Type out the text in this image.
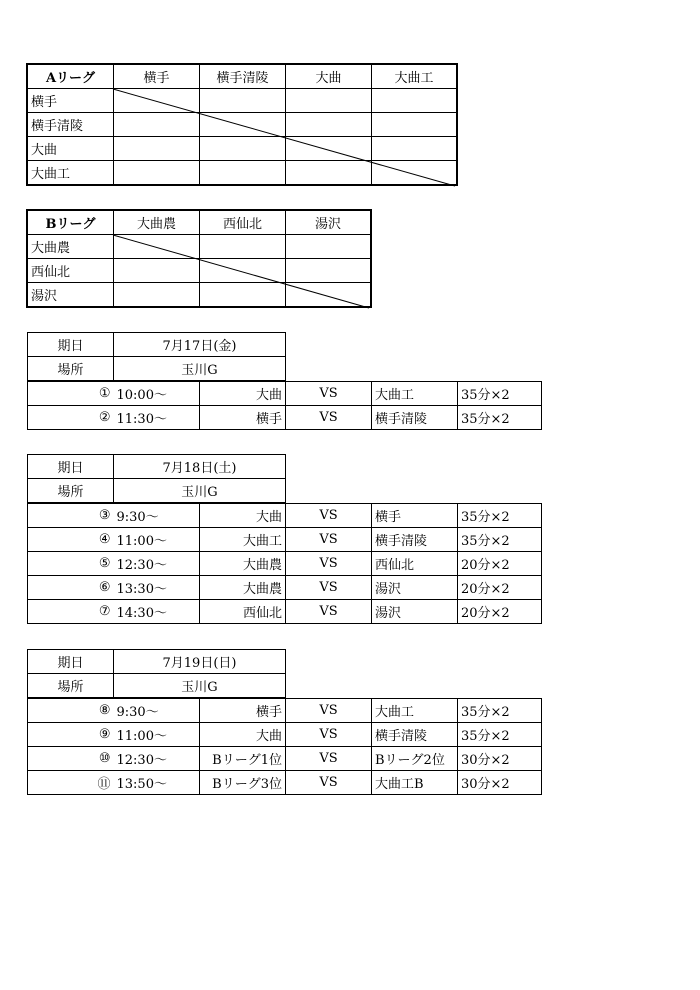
Aリーグ	横手	横手清陵	大曲	大曲工
横手				
横手清陵				
大曲				
大曲工				
Bリーグ	大曲農	西仙北	湯沢
大曲農			
西仙北			
湯沢			
期日	7月17日(金)
場所	玉川G
①	10:00～	大曲	VS	大曲工	35分×2
②	11:30～	横手	VS	横手清陵	35分×2
期日	7月18日(土)
場所	玉川G
③	9:30～	大曲	VS	横手	35分×2
④	11:00～	大曲工	VS	横手清陵	35分×2
⑤	12:30～	大曲農	VS	西仙北	20分×2
⑥	13:30～	大曲農	VS	湯沢	20分×2
⑦	14:30～	西仙北	VS	湯沢	20分×2
期日	7月19日(日)
場所	玉川G
⑧	9:30～	横手	VS	大曲工	35分×2
⑨	11:00～	大曲	VS	横手清陵	35分×2
⑩	12:30～	Bリーグ1位	VS	Bリーグ2位	30分×2
⑪	13:50～	Bリーグ3位	VS	大曲工B	30分×2
